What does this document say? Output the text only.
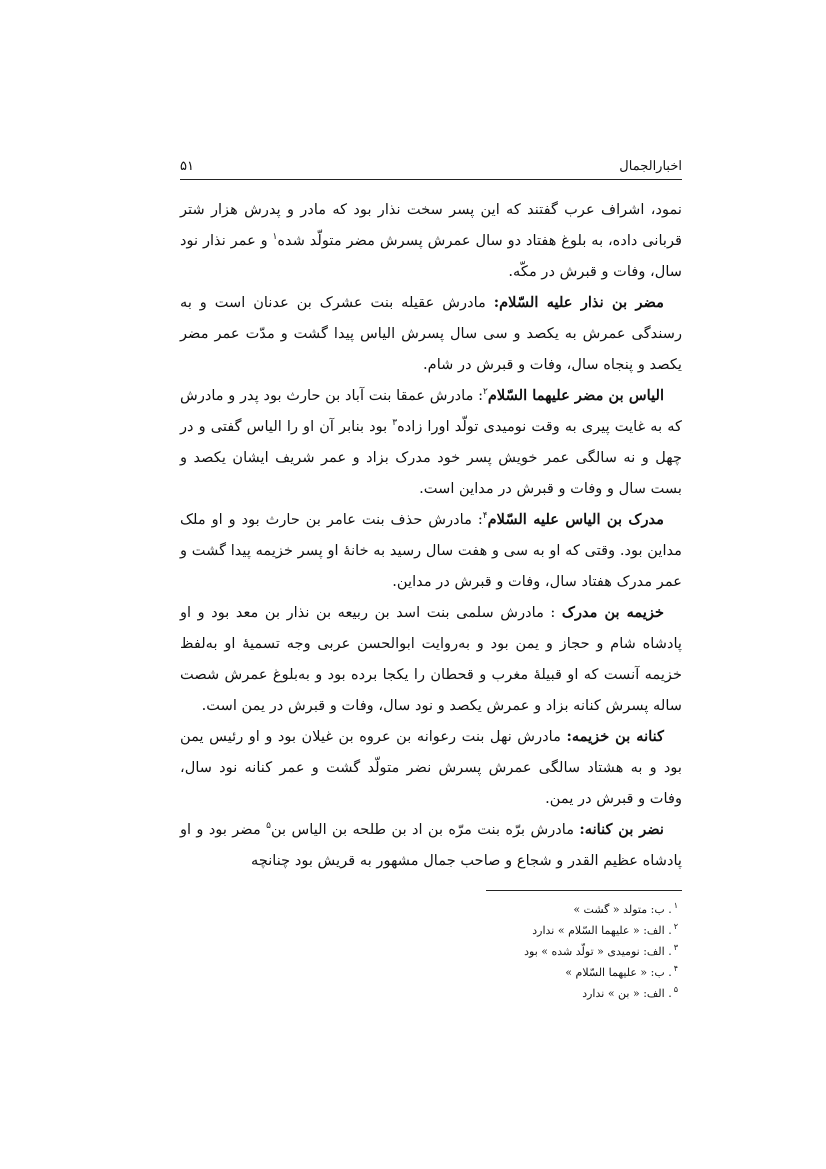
اخبارالجمال
۵۱

نمود، اشراف عرب گفتند که این پسر سخت نذار بود که مادر و پدرش هزار شتر قربانی داده، به بلوغ هفتاد دو سال عمرش پسرش مضر متولّد شده$^۱$ و عمر نذار نود سال، وفات و قبرش در مکّه.

مضر بن نذار علیه السّلام: مادرش عقیله بنت عشرک بن عدنان است و به رسندگی عمرش به یکصد و سی سال پسرش الیاس پیدا گشت و مدّت عمر مضر یکصد و پنجاه سال، وفات و قبرش در شام.

الیاس بن مضر علیهما السّلام$^۲$: مادرش عمقا بنت آباد بن حارث بود پدر و مادرش که به غایت پیری به وقت نومیدی تولّد اورا زاده$^۳$ بود بنابر آن او را الیاس گفتی و در چهل و نه سالگی عمر خویش پسر خود مدرک بزاد و عمر شریف ایشان یکصد و بست سال و وفات و قبرش در مداین است.

مدرک بن الیاس علیه السّلام$^۴$: مادرش حذف بنت عامر بن حارث بود و او ملک مداین بود. وقتی که او به سی و هفت سال رسید به خانۀ او پسر خزیمه پیدا گشت و عمر مدرک هفتاد سال، وفات و قبرش در مداین.

خزیمه بن مدرک : مادرش سلمی بنت اسد بن ربیعه بن نذار بن معد بود و او پادشاه شام و حجاز و یمن بود و به‌روایت ابوالحسن عربی وجه تسمیۀ او به‌لفظ خزیمه آنست که او قبیلۀ مغرب و قحطان را یکجا برده بود و به‌بلوغ عمرش شصت ساله پسرش کنانه بزاد و عمرش یکصد و نود سال، وفات و قبرش در یمن است.

کنانه بن خزیمه: مادرش نهل بنت رعوانه بن عروه بن غیلان بود و او رئیس یمن بود و به هشتاد سالگی عمرش پسرش نضر متولّد گشت و عمر کنانه نود سال، وفات و قبرش در یمن.

نضر بن کنانه: مادرش برّه بنت مرّه بن اد بن طلحه بن الیاس بن$^۵$ مضر بود و او پادشاه عظیم القدر و شجاع و صاحب جمال مشهور به قریش بود چنانچه

$^۱$. ب: متولد « گشت »
$^۲$. الف: « علیهما السّلام » ندارد
$^۳$. الف: نومیدی « تولّد شده » بود
$^۴$. ب: « علیهما السّلام »
$^۵$. الف: « بن » ندارد
